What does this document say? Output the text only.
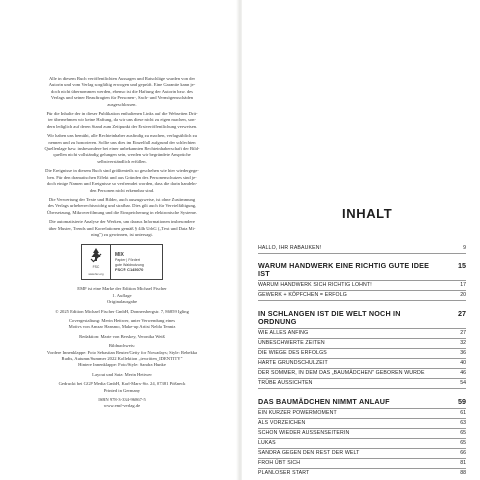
Alle in diesem Buch veröffentlichten Aussagen und Ratschläge wurden von der
Autorin und vom Verlag sorgfältig erwogen und geprüft. Eine Garantie kann je-
doch nicht übernommen werden, ebenso ist die Haftung der Autorin bzw. des
Verlags und seiner Beauftragten für Personen-, Sach- und Vermögensschäden
ausgeschlossen.

Für die Inhalte der in dieser Publikation enthaltenen Links auf die Webseiten Drit-
ter übernehmen wir keine Haftung, da wir uns diese nicht zu eigen machen, son-
dern lediglich auf deren Stand zum Zeitpunkt der Erstveröffentlichung verweisen.

Wir haben uns bemüht, alle Rechteinhaber ausfindig zu machen, verlagsüblich zu
nennen und zu honorieren. Sollte uns dies im Einzelfall aufgrund der schlechten
Quellenlage bzw. insbesondere bei einer unbekannten Rechteinhaberschaft der Bild-
quellen nicht vollständig gelungen sein, werden wir begründete Ansprüche
selbstverständlich erfüllen.

Die Ereignisse in diesem Buch sind größtenteils so geschehen wie hier wiedergege-
ben. Für den dramatischen Effekt und aus Gründen des Personenschutzes sind je-
doch einige Namen und Ereignisse so verfremdet worden, dass die darin handeln-
den Personen nicht erkennbar sind.

Die Verwertung der Texte und Bilder, auch auszugsweise, ist ohne Zustimmung
des Verlags urheberrechtswidrig und strafbar. Dies gilt auch für Vervielfältigung,
Übersetzung, Mikroverfilmung und die Einspeicherung in elektronische Systeme.

Die automatisierte Analyse der Werken, um daraus Informationen insbesondere
über Muster, Trends und Korrelationen gemäß § 44b UrhG („Text und Data Mi-
ning") zu gewinnen, ist untersagt.

FSC
www.fsc.org
MIX
Papier | Fördert
gute Waldnutzung
FSC® C145070

EMF ist eine Marke der Edition Michael Fischer
1. Auflage
Originalausgabe

© 2025 Edition Michael Fischer GmbH, Donnersbergstr. 7, 86859 Igling

Covergestaltung: Merin Hettwer, unter Verwendung eines
Motivs von Amzar Hansmo, Make-up Artist Nelda Tenniz

Redaktion: Marie von Berskey, Veronika Weiß

Bildnachweis:
Vordere Innenklappe: Foto Sebastian Reuter/Getty for Nowadays; Style: Rebekka
Rudts, Autumn/Summer 2022 Kollektion „tewritten_IDENTITY"
Hintere Innenklappe: Foto/Style: Sandra Hunke

Layout und Satz: Merin Hettwer

Gedruckt bei GGP Media GmbH, Karl-Marx-Str. 24, 07381 Pößneck
Printed in Germany

ISBN 978-3-334-96867-5
www.emf-verlag.de

INHALT
HALLO, IHR RABAUKEN!	9
WARUM HANDWERK EINE RICHTIG GUTE IDEE IST
15
WARUM HANDWERK SICH RICHTIG LOHNT!	17
GEWERK + KÖPFCHEN = ERFOLG	20
IN SCHLANGEN IST DIE WELT NOCH IN ORDNUNG
27
WIE ALLES ANFING	27
UNBESCHWERTE ZEITEN	32
DIE WIEGE DES ERFOLGS	36
HARTE GRUNDSCHULZEIT	40
DER SOMMER, IN DEM DAS „BAUMÄDCHEN" GEBOREN WURDE	46
TRÜBE AUSSICHTEN	54
DAS BAUMÄDCHEN NIMMT ANLAUF	59
EIN KURZER POWERMOMENT	61
ALS VORZEICHEN	63
SCHON WIEDER AUSSENSEITERIN	65
LUKAS	65
SANDRA GEGEN DEN REST DER WELT	66
FROH ÜBT SICH	81
PLANLOSER START	88
